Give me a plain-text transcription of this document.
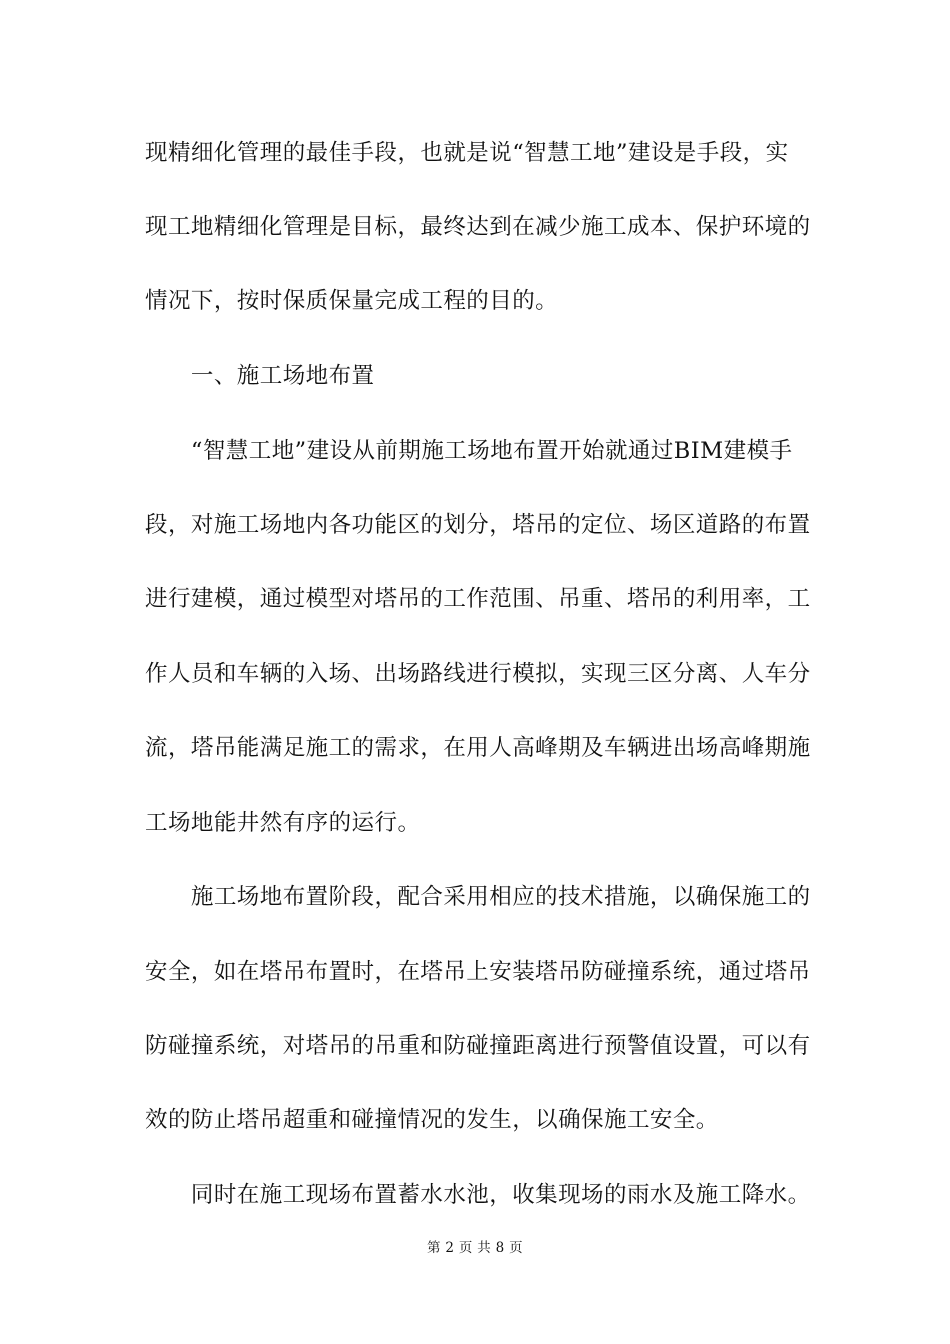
现精细化管理的最佳手段，也就是说“智慧工地”建设是手段，实
现工地精细化管理是目标，最终达到在减少施工成本、保护环境的
情况下，按时保质保量完成工程的目的。
　　一、施工场地布置
　　“智慧工地”建设从前期施工场地布置开始就通过BIM建模手
段，对施工场地内各功能区的划分，塔吊的定位、场区道路的布置
进行建模，通过模型对塔吊的工作范围、吊重、塔吊的利用率，工
作人员和车辆的入场、出场路线进行模拟，实现三区分离、人车分
流，塔吊能满足施工的需求，在用人高峰期及车辆进出场高峰期施
工场地能井然有序的运行。
　　施工场地布置阶段，配合采用相应的技术措施，以确保施工的
安全，如在塔吊布置时，在塔吊上安装塔吊防碰撞系统，通过塔吊
防碰撞系统，对塔吊的吊重和防碰撞距离进行预警值设置，可以有
效的防止塔吊超重和碰撞情况的发生，以确保施工安全。
　　同时在施工现场布置蓄水水池，收集现场的雨水及施工降水。
第 2 页 共 8 页
